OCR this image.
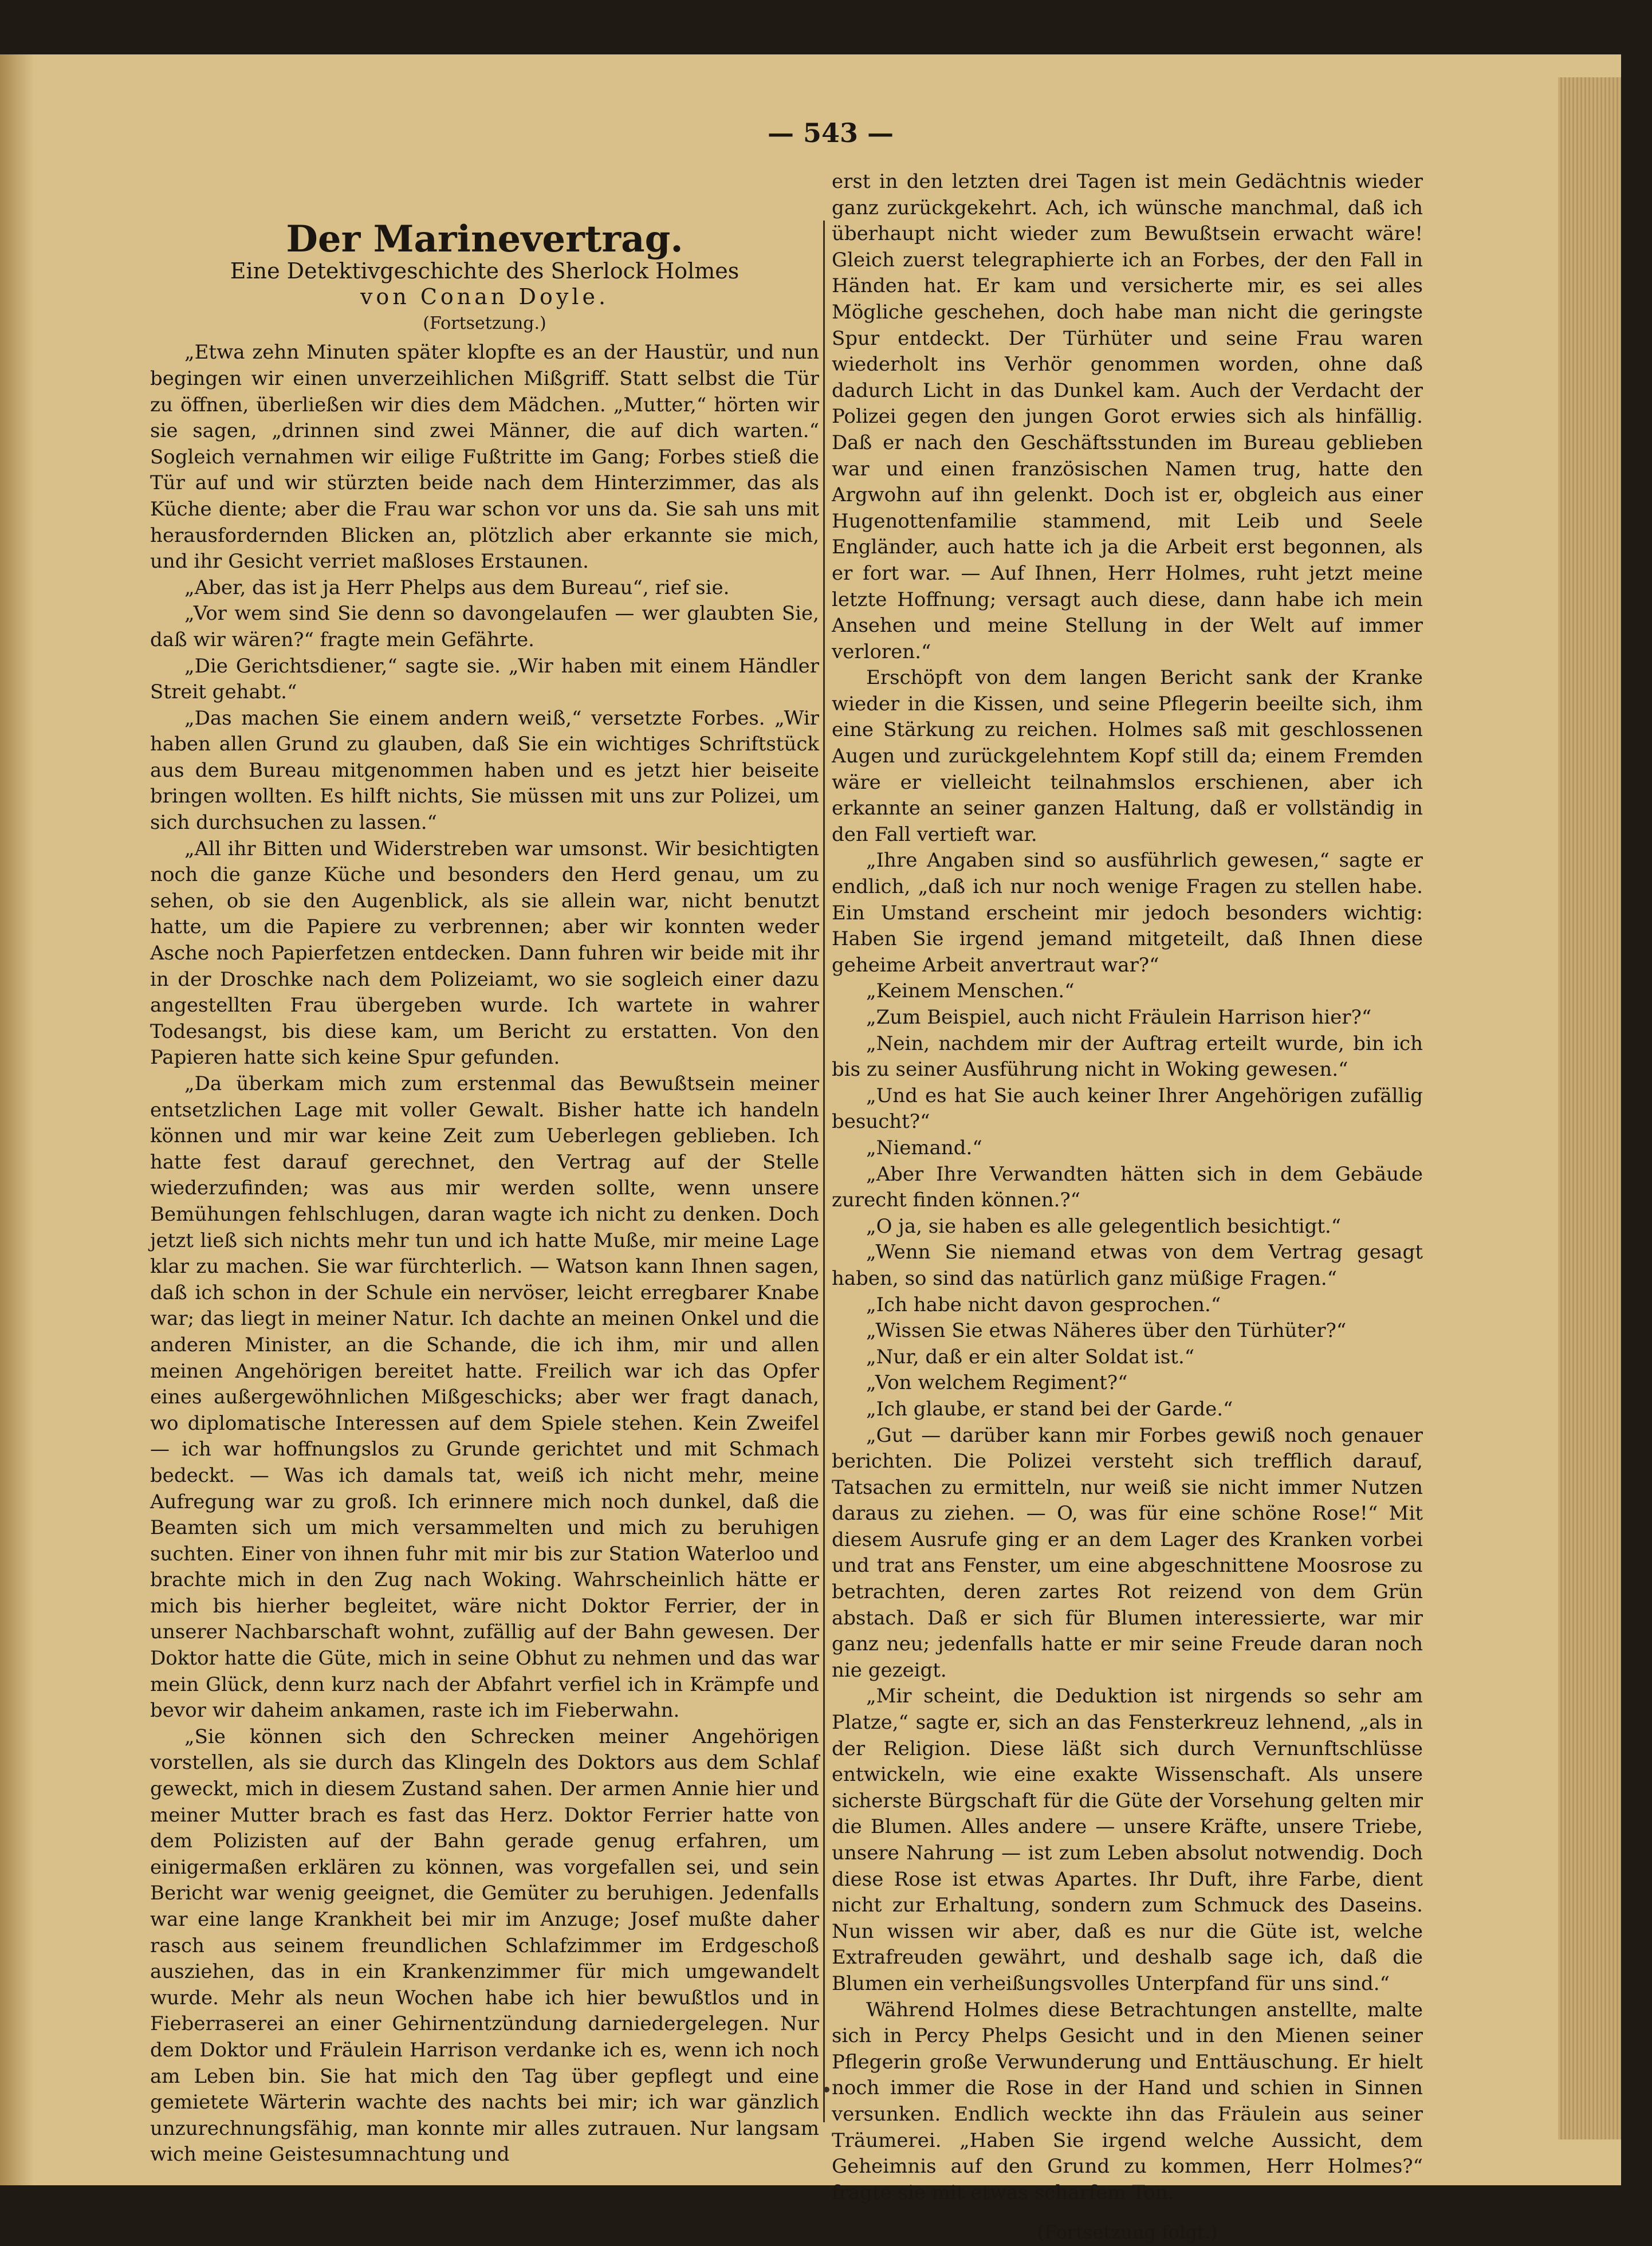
— 543 —

Der Marinevertrag.

Eine Detektivgeschichte des Sherlock Holmes

von Conan Doyle.

(Fortsetzung.)

„Etwa zehn Minuten später klopfte es an der Haustür, und nun begingen wir einen unverzeihlichen Mißgriff. Statt selbst die Tür zu öffnen, überließen wir dies dem Mädchen. „Mutter,“ hörten wir sie sagen, „drinnen sind zwei Männer, die auf dich warten.“ Sogleich vernahmen wir eilige Fußtritte im Gang; Forbes stieß die Tür auf und wir stürzten beide nach dem Hinterzimmer, das als Küche diente; aber die Frau war schon vor uns da. Sie sah uns mit herausfordernden Blicken an, plötzlich aber erkannte sie mich, und ihr Gesicht verriet maßloses Erstaunen.

„Aber, das ist ja Herr Phelps aus dem Bureau“, rief sie.

„Vor wem sind Sie denn so davongelaufen — wer glaubten Sie, daß wir wären?“ fragte mein Gefährte.

„Die Gerichtsdiener,“ sagte sie. „Wir haben mit einem Händler Streit gehabt.“

„Das machen Sie einem andern weiß,“ versetzte Forbes. „Wir haben allen Grund zu glauben, daß Sie ein wichtiges Schriftstück aus dem Bureau mitgenommen haben und es jetzt hier beiseite bringen wollten. Es hilft nichts, Sie müssen mit uns zur Polizei, um sich durchsuchen zu lassen.“

„All ihr Bitten und Widerstreben war umsonst. Wir besichtigten noch die ganze Küche und besonders den Herd genau, um zu sehen, ob sie den Augenblick, als sie allein war, nicht benutzt hatte, um die Papiere zu verbrennen; aber wir konnten weder Asche noch Papierfetzen entdecken. Dann fuhren wir beide mit ihr in der Droschke nach dem Polizeiamt, wo sie sogleich einer dazu angestellten Frau übergeben wurde. Ich wartete in wahrer Todesangst, bis diese kam, um Bericht zu erstatten. Von den Papieren hatte sich keine Spur gefunden.

„Da überkam mich zum erstenmal das Bewußtsein meiner entsetzlichen Lage mit voller Gewalt. Bisher hatte ich handeln können und mir war keine Zeit zum Ueberlegen geblieben. Ich hatte fest darauf gerechnet, den Vertrag auf der Stelle wiederzufinden; was aus mir werden sollte, wenn unsere Bemühungen fehlschlugen, daran wagte ich nicht zu denken. Doch jetzt ließ sich nichts mehr tun und ich hatte Muße, mir meine Lage klar zu machen. Sie war fürchterlich. — Watson kann Ihnen sagen, daß ich schon in der Schule ein nervöser, leicht erregbarer Knabe war; das liegt in meiner Natur. Ich dachte an meinen Onkel und die anderen Minister, an die Schande, die ich ihm, mir und allen meinen Angehörigen bereitet hatte. Freilich war ich das Opfer eines außergewöhnlichen Mißgeschicks; aber wer fragt danach, wo diplomatische Interessen auf dem Spiele stehen. Kein Zweifel — ich war hoffnungslos zu Grunde gerichtet und mit Schmach bedeckt. — Was ich damals tat, weiß ich nicht mehr, meine Aufregung war zu groß. Ich erinnere mich noch dunkel, daß die Beamten sich um mich versammelten und mich zu beruhigen suchten. Einer von ihnen fuhr mit mir bis zur Station Waterloo und brachte mich in den Zug nach Woking. Wahrscheinlich hätte er mich bis hierher begleitet, wäre nicht Doktor Ferrier, der in unserer Nachbarschaft wohnt, zufällig auf der Bahn gewesen. Der Doktor hatte die Güte, mich in seine Obhut zu nehmen und das war mein Glück, denn kurz nach der Abfahrt verfiel ich in Krämpfe und bevor wir daheim ankamen, raste ich im Fieberwahn.

„Sie können sich den Schrecken meiner Angehörigen vorstellen, als sie durch das Klingeln des Doktors aus dem Schlaf geweckt, mich in diesem Zustand sahen. Der armen Annie hier und meiner Mutter brach es fast das Herz. Doktor Ferrier hatte von dem Polizisten auf der Bahn gerade genug erfahren, um einigermaßen erklären zu können, was vorgefallen sei, und sein Bericht war wenig geeignet, die Gemüter zu beruhigen. Jedenfalls war eine lange Krankheit bei mir im Anzuge; Josef mußte daher rasch aus seinem freundlichen Schlafzimmer im Erdgeschoß ausziehen, das in ein Krankenzimmer für mich umgewandelt wurde. Mehr als neun Wochen habe ich hier bewußtlos und in Fieberraserei an einer Gehirnentzündung darniedergelegen. Nur dem Doktor und Fräulein Harrison verdanke ich es, wenn ich noch am Leben bin. Sie hat mich den Tag über gepflegt und eine gemietete Wärterin wachte des nachts bei mir; ich war gänzlich unzurechnungsfähig, man konnte mir alles zutrauen. Nur langsam wich meine Geistesumnachtung und

erst in den letzten drei Tagen ist mein Gedächtnis wieder ganz zurückgekehrt. Ach, ich wünsche manchmal, daß ich überhaupt nicht wieder zum Bewußtsein erwacht wäre! Gleich zuerst telegraphierte ich an Forbes, der den Fall in Händen hat. Er kam und versicherte mir, es sei alles Mögliche geschehen, doch habe man nicht die geringste Spur entdeckt. Der Türhüter und seine Frau waren wiederholt ins Verhör genommen worden, ohne daß dadurch Licht in das Dunkel kam. Auch der Verdacht der Polizei gegen den jungen Gorot erwies sich als hinfällig. Daß er nach den Geschäftsstunden im Bureau geblieben war und einen französischen Namen trug, hatte den Argwohn auf ihn gelenkt. Doch ist er, obgleich aus einer Hugenottenfamilie stammend, mit Leib und Seele Engländer, auch hatte ich ja die Arbeit erst begonnen, als er fort war. — Auf Ihnen, Herr Holmes, ruht jetzt meine letzte Hoffnung; versagt auch diese, dann habe ich mein Ansehen und meine Stellung in der Welt auf immer verloren.“

Erschöpft von dem langen Bericht sank der Kranke wieder in die Kissen, und seine Pflegerin beeilte sich, ihm eine Stärkung zu reichen. Holmes saß mit geschlossenen Augen und zurückgelehntem Kopf still da; einem Fremden wäre er vielleicht teilnahmslos erschienen, aber ich erkannte an seiner ganzen Haltung, daß er vollständig in den Fall vertieft war.

„Ihre Angaben sind so ausführlich gewesen,“ sagte er endlich, „daß ich nur noch wenige Fragen zu stellen habe. Ein Umstand erscheint mir jedoch besonders wichtig: Haben Sie irgend jemand mitgeteilt, daß Ihnen diese geheime Arbeit anvertraut war?“

„Keinem Menschen.“

„Zum Beispiel, auch nicht Fräulein Harrison hier?“

„Nein, nachdem mir der Auftrag erteilt wurde, bin ich bis zu seiner Ausführung nicht in Woking gewesen.“

„Und es hat Sie auch keiner Ihrer Angehörigen zufällig besucht?“

„Niemand.“

„Aber Ihre Verwandten hätten sich in dem Gebäude zurecht finden können.?“

„O ja, sie haben es alle gelegentlich besichtigt.“

„Wenn Sie niemand etwas von dem Vertrag gesagt haben, so sind das natürlich ganz müßige Fragen.“

„Ich habe nicht davon gesprochen.“

„Wissen Sie etwas Näheres über den Türhüter?“

„Nur, daß er ein alter Soldat ist.“

„Von welchem Regiment?“

„Ich glaube, er stand bei der Garde.“

„Gut — darüber kann mir Forbes gewiß noch genauer berichten. Die Polizei versteht sich trefflich darauf, Tatsachen zu ermitteln, nur weiß sie nicht immer Nutzen daraus zu ziehen. — O, was für eine schöne Rose!“ Mit diesem Ausrufe ging er an dem Lager des Kranken vorbei und trat ans Fenster, um eine abgeschnittene Moosrose zu betrachten, deren zartes Rot reizend von dem Grün abstach. Daß er sich für Blumen interessierte, war mir ganz neu; jedenfalls hatte er mir seine Freude daran noch nie gezeigt.

„Mir scheint, die Deduktion ist nirgends so sehr am Platze,“ sagte er, sich an das Fensterkreuz lehnend, „als in der Religion. Diese läßt sich durch Vernunftschlüsse entwickeln, wie eine exakte Wissenschaft. Als unsere sicherste Bürgschaft für die Güte der Vorsehung gelten mir die Blumen. Alles andere — unsere Kräfte, unsere Triebe, unsere Nahrung — ist zum Leben absolut notwendig. Doch diese Rose ist etwas Apartes. Ihr Duft, ihre Farbe, dient nicht zur Erhaltung, sondern zum Schmuck des Daseins. Nun wissen wir aber, daß es nur die Güte ist, welche Extrafreuden gewährt, und deshalb sage ich, daß die Blumen ein verheißungsvolles Unterpfand für uns sind.“

Während Holmes diese Betrachtungen anstellte, malte sich in Percy Phelps Gesicht und in den Mienen seiner Pflegerin große Verwunderung und Enttäuschung. Er hielt noch immer die Rose in der Hand und schien in Sinnen versunken. Endlich weckte ihn das Fräulein aus seiner Träumerei. „Haben Sie irgend welche Aussicht, dem Geheimnis auf den Grund zu kommen, Herr Holmes?“ fragte sie mit etwas scharfem Ton.

(Fortsetzung folgt.)
